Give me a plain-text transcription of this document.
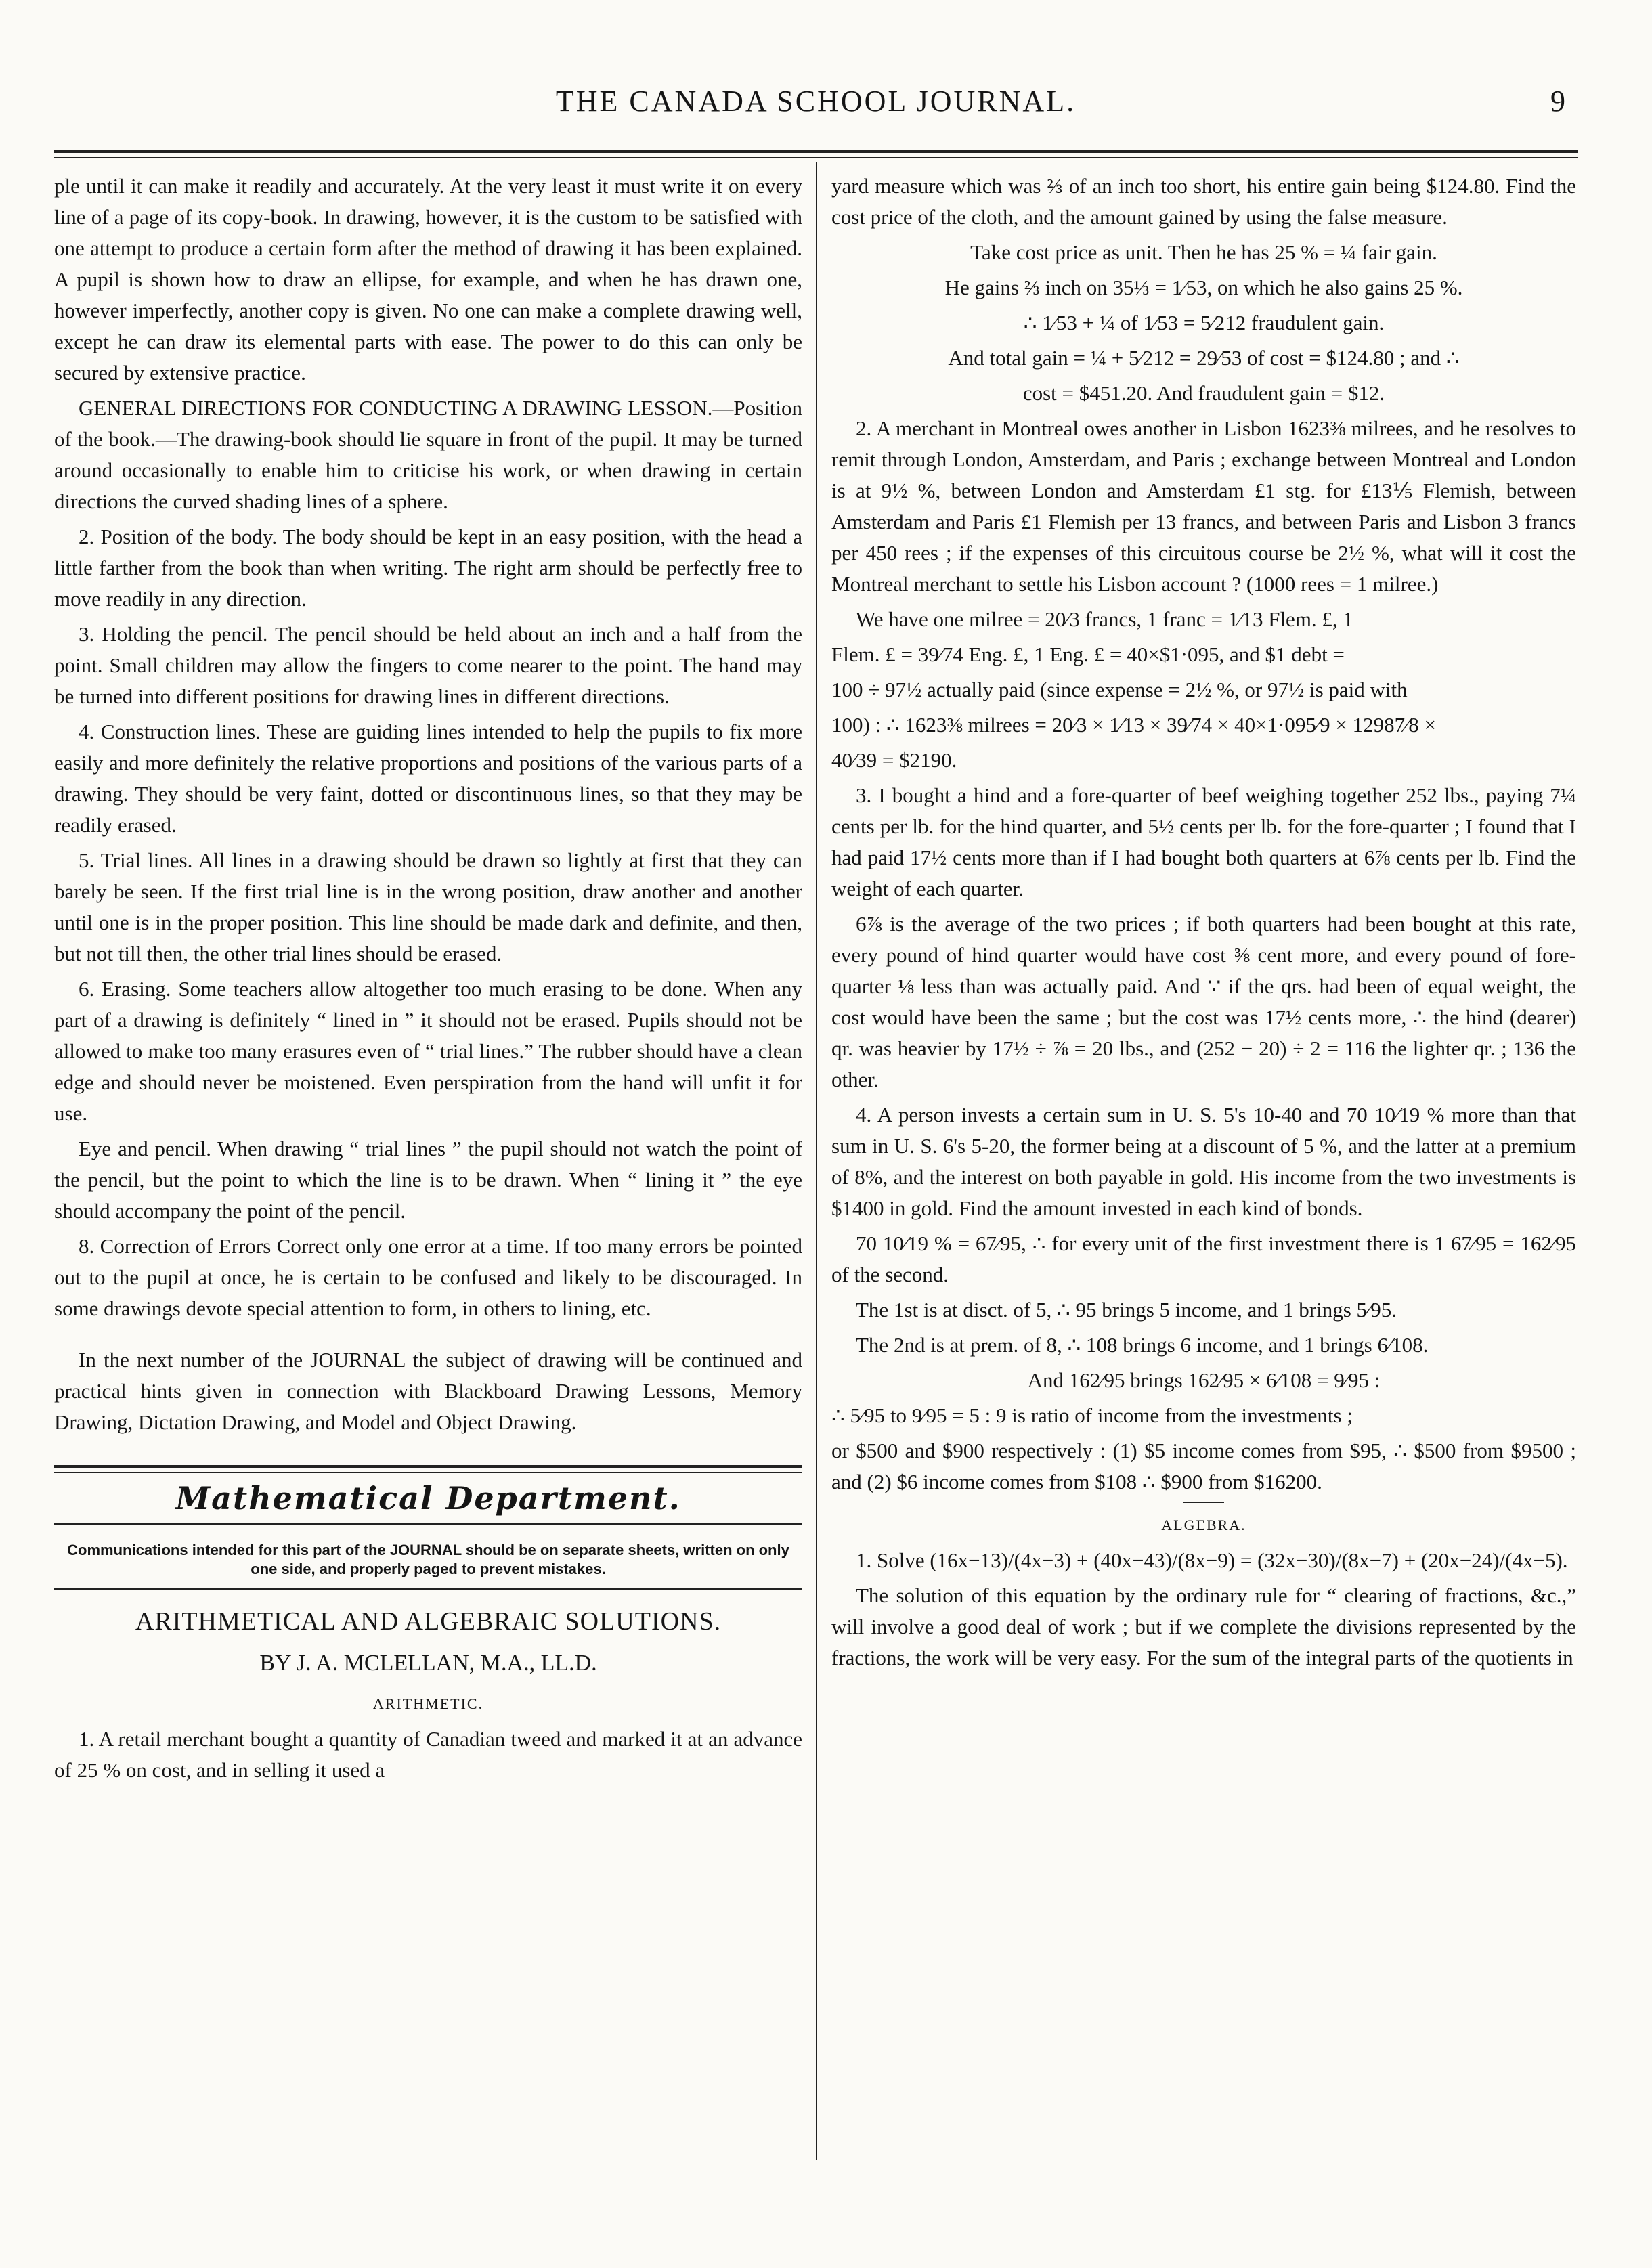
THE CANADA SCHOOL JOURNAL.	9

ple until it can make it readily and accurately. At the very least it must write it on every line of a page of its copy-book. In drawing, however, it is the custom to be satisfied with one attempt to produce a certain form after the method of drawing it has been explained. A pupil is shown how to draw an ellipse, for example, and when he has drawn one, however imperfectly, another copy is given. No one can make a complete drawing well, except he can draw its elemental parts with ease. The power to do this can only be secured by extensive practice.

GENERAL DIRECTIONS FOR CONDUCTING A DRAWING LESSON.—Position of the book.—The drawing-book should lie square in front of the pupil. It may be turned around occasionally to enable him to criticise his work, or when drawing in certain directions the curved shading lines of a sphere.

2. Position of the body. The body should be kept in an easy position, with the head a little farther from the book than when writing. The right arm should be perfectly free to move readily in any direction.

3. Holding the pencil. The pencil should be held about an inch and a half from the point. Small children may allow the fingers to come nearer to the point. The hand may be turned into different positions for drawing lines in different directions.

4. Construction lines. These are guiding lines intended to help the pupils to fix more easily and more definitely the relative proportions and positions of the various parts of a drawing. They should be very faint, dotted or discontinuous lines, so that they may be readily erased.

5. Trial lines. All lines in a drawing should be drawn so lightly at first that they can barely be seen. If the first trial line is in the wrong position, draw another and another until one is in the proper position. This line should be made dark and definite, and then, but not till then, the other trial lines should be erased.

6. Erasing. Some teachers allow altogether too much erasing to be done. When any part of a drawing is definitely “ lined in ” it should not be erased. Pupils should not be allowed to make too many erasures even of “ trial lines.” The rubber should have a clean edge and should never be moistened. Even perspiration from the hand will unfit it for use.

Eye and pencil. When drawing “ trial lines ” the pupil should not watch the point of the pencil, but the point to which the line is to be drawn. When “ lining it ” the eye should accompany the point of the pencil.

8. Correction of Errors Correct only one error at a time. If too many errors be pointed out to the pupil at once, he is certain to be confused and likely to be discouraged. In some drawings devote special attention to form, in others to lining, etc.

In the next number of the JOURNAL the subject of drawing will be continued and practical hints given in connection with Blackboard Drawing Lessons, Memory Drawing, Dictation Drawing, and Model and Object Drawing.

Mathematical Department.
Communications intended for this part of the JOURNAL should be on separate sheets, written on only one side, and properly paged to prevent mistakes.
ARITHMETICAL AND ALGEBRAIC SOLUTIONS.
BY J. A. MCLELLAN, M.A., LL.D.
ARITHMETIC.

1. A retail merchant bought a quantity of Canadian tweed and marked it at an advance of 25 % on cost, and in selling it used a

yard measure which was ⅔ of an inch too short, his entire gain being $124.80. Find the cost price of the cloth, and the amount gained by using the false measure.

Take cost price as unit. Then he has 25 % = ¼ fair gain.

He gains ⅔ inch on 35⅓ = 1⁄53, on which he also gains 25 %.

∴ 1⁄53 + ¼ of 1⁄53 = 5⁄212 fraudulent gain.

And total gain = ¼ + 5⁄212 = 29⁄53 of cost = $124.80 ; and ∴

cost = $451.20. And fraudulent gain = $12.

2. A merchant in Montreal owes another in Lisbon 1623⅜ milrees, and he resolves to remit through London, Amsterdam, and Paris ; exchange between Montreal and London is at 9½ %, between London and Amsterdam £1 stg. for £13⅕ Flemish, between Amsterdam and Paris £1 Flemish per 13 francs, and between Paris and Lisbon 3 francs per 450 rees ; if the expenses of this circuitous course be 2½ %, what will it cost the Montreal merchant to settle his Lisbon account ? (1000 rees = 1 milree.)

We have one milree = 20⁄3 francs, 1 franc = 1⁄13 Flem. £, 1

Flem. £ = 39⁄74 Eng. £, 1 Eng. £ = 40×$1·095, and $1 debt =

100 ÷ 97½ actually paid (since expense = 2½ %, or 97½ is paid with

100) : ∴ 1623⅜ milrees = 20⁄3 × 1⁄13 × 39⁄74 × 40×1·095⁄9 × 12987⁄8 ×

40⁄39 = $2190.

3. I bought a hind and a fore-quarter of beef weighing together 252 lbs., paying 7¼ cents per lb. for the hind quarter, and 5½ cents per lb. for the fore-quarter ; I found that I had paid 17½ cents more than if I had bought both quarters at 6⅞ cents per lb. Find the weight of each quarter.

6⅞ is the average of the two prices ; if both quarters had been bought at this rate, every pound of hind quarter would have cost ⅜ cent more, and every pound of fore-quarter ⅛ less than was actually paid. And ∵ if the qrs. had been of equal weight, the cost would have been the same ; but the cost was 17½ cents more, ∴ the hind (dearer) qr. was heavier by 17½ ÷ ⅞ = 20 lbs., and (252 − 20) ÷ 2 = 116 the lighter qr. ; 136 the other.

4. A person invests a certain sum in U. S. 5's 10-40 and 70 10⁄19 % more than that sum in U. S. 6's 5-20, the former being at a discount of 5 %, and the latter at a premium of 8%, and the interest on both payable in gold. His income from the two investments is $1400 in gold. Find the amount invested in each kind of bonds.

70 10⁄19 % = 67⁄95, ∴ for every unit of the first investment there is 1 67⁄95 = 162⁄95 of the second.

The 1st is at disct. of 5, ∴ 95 brings 5 income, and 1 brings 5⁄95.

The 2nd is at prem. of 8, ∴ 108 brings 6 income, and 1 brings 6⁄108.

And 162⁄95 brings 162⁄95 × 6⁄108 = 9⁄95 :

∴ 5⁄95 to 9⁄95 = 5 : 9 is ratio of income from the investments ;

or $500 and $900 respectively : (1) $5 income comes from $95, ∴ $500 from $9500 ; and (2) $6 income comes from $108 ∴ $900 from $16200.

ALGEBRA.

1. Solve (16x−13)/(4x−3) + (40x−43)/(8x−9) = (32x−30)/(8x−7) + (20x−24)/(4x−5).

The solution of this equation by the ordinary rule for “ clearing of fractions, &c.,” will involve a good deal of work ; but if we complete the divisions represented by the fractions, the work will be very easy. For the sum of the integral parts of the quotients in
